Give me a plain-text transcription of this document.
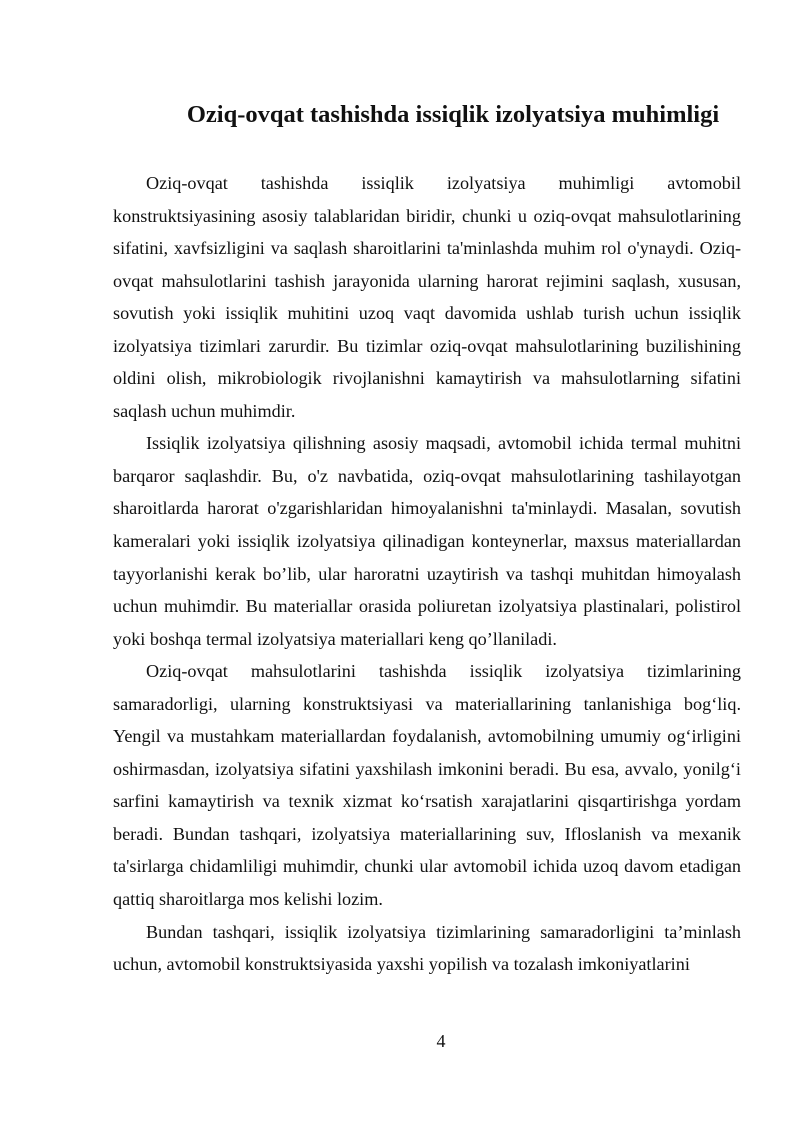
Oziq-ovqat tashishda issiqlik izolyatsiya muhimligi

Oziq-ovqat tashishda issiqlik izolyatsiya muhimligi avtomobil konstruktsiyasining asosiy talablaridan biridir, chunki u oziq-ovqat mahsulotlarining sifatini, xavfsizligini va saqlash sharoitlarini ta'minlashda muhim rol o'ynaydi. Oziq-ovqat mahsulotlarini tashish jarayonida ularning harorat rejimini saqlash, xususan, sovutish yoki issiqlik muhitini uzoq vaqt davomida ushlab turish uchun issiqlik izolyatsiya tizimlari zarurdir. Bu tizimlar oziq-ovqat mahsulotlarining buzilishining oldini olish, mikrobiologik rivojlanishni kamaytirish va mahsulotlarning sifatini saqlash uchun muhimdir.

Issiqlik izolyatsiya qilishning asosiy maqsadi, avtomobil ichida termal muhitni barqaror saqlashdir. Bu, o'z navbatida, oziq-ovqat mahsulotlarining tashilayotgan sharoitlarda harorat o'zgarishlaridan himoyalanishni ta'minlaydi. Masalan, sovutish kameralari yoki issiqlik izolyatsiya qilinadigan konteynerlar, maxsus materiallardan tayyorlanishi kerak bo’lib, ular haroratni uzaytirish va tashqi muhitdan himoyalash uchun muhimdir. Bu materiallar orasida poliuretan izolyatsiya plastinalari, polistirol yoki boshqa termal izolyatsiya materiallari keng qo’llaniladi.

Oziq-ovqat mahsulotlarini tashishda issiqlik izolyatsiya tizimlarining samaradorligi, ularning konstruktsiyasi va materiallarining tanlanishiga bog‘liq. Yengil va mustahkam materiallardan foydalanish, avtomobilning umumiy og‘irligini oshirmasdan, izolyatsiya sifatini yaxshilash imkonini beradi. Bu esa, avvalo, yonilg‘i sarfini kamaytirish va texnik xizmat ko‘rsatish xarajatlarini qisqartirishga yordam beradi. Bundan tashqari, izolyatsiya materiallarining suv, Ifloslanish va mexanik ta'sirlarga chidamliligi muhimdir, chunki ular avtomobil ichida uzoq davom etadigan qattiq sharoitlarga mos kelishi lozim.

Bundan tashqari, issiqlik izolyatsiya tizimlarining samaradorligini ta’minlash uchun, avtomobil konstruktsiyasida yaxshi yopilish va tozalash imkoniyatlarini

4
